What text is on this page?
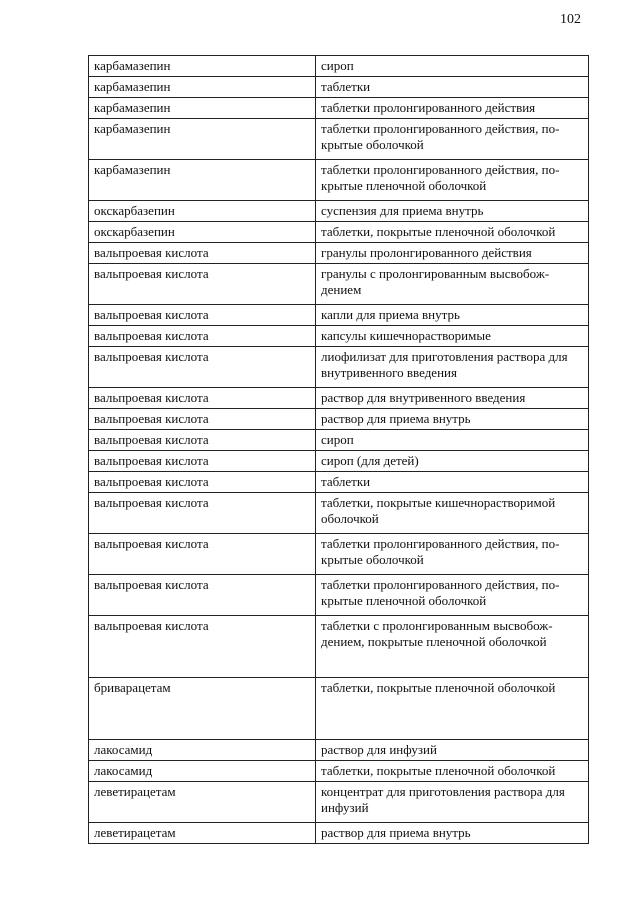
102
карбамазепин	сироп
карбамазепин	таблетки
карбамазепин	таблетки пролонгированного действия
карбамазепин	таблетки пролонгированного действия, по-крытые оболочкой
карбамазепин	таблетки пролонгированного действия, по-крытые пленочной оболочкой
окскарбазепин	суспензия для приема внутрь
окскарбазепин	таблетки, покрытые пленочной оболочкой
вальпроевая кислота	гранулы пролонгированного действия
вальпроевая кислота	гранулы с пролонгированным высвобож-дением
вальпроевая кислота	капли для приема внутрь
вальпроевая кислота	капсулы кишечнорастворимые
вальпроевая кислота	лиофилизат для приготовления раствора для внутривенного введения
вальпроевая кислота	раствор для внутривенного введения
вальпроевая кислота	раствор для приема внутрь
вальпроевая кислота	сироп
вальпроевая кислота	сироп (для детей)
вальпроевая кислота	таблетки
вальпроевая кислота	таблетки, покрытые кишечнорастворимой оболочкой
вальпроевая кислота	таблетки пролонгированного действия, по-крытые оболочкой
вальпроевая кислота	таблетки пролонгированного действия, по-крытые пленочной оболочкой
вальпроевая кислота	таблетки с пролонгированным высвобож-дением, покрытые пленочной оболочкой
бриварацетам	таблетки, покрытые пленочной оболочкой
лакосамид	раствор для инфузий
лакосамид	таблетки, покрытые пленочной оболочкой
леветирацетам	концентрат для приготовления раствора для инфузий
леветирацетам	раствор для приема внутрь
